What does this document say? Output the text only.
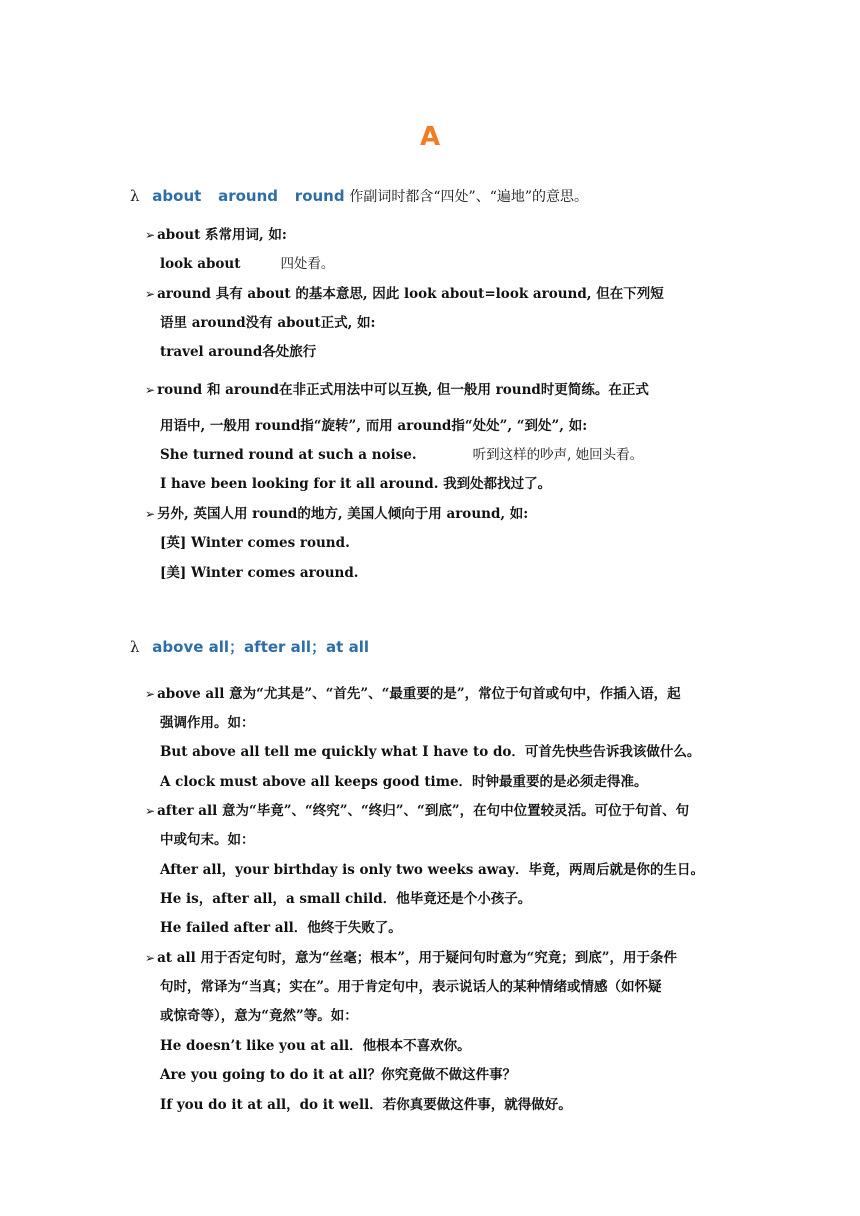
A
λ about around round 作副词时都含“四处”、“遍地”的意思。
➢ about 系常用词, 如:
look about	四处看。
➢ around 具有 about 的基本意思, 因此 look about=look around, 但在下列短
语里 around没有 about正式, 如:
travel around各处旅行
➢ round 和 around在非正式用法中可以互换, 但一般用 round时更简练。在正式
用语中, 一般用 round指“旋转”, 而用 around指“处处”, “到处”, 如:
She turned round at such a noise.	听到这样的吵声, 她回头看。
I have been looking for it all around. 我到处都找过了。
➢ 另外, 英国人用 round的地方, 美国人倾向于用 around, 如:
[英] Winter comes round.
[美] Winter comes around.
λ above all；after all；at all
➢ above all 意为“尤其是”、“首先”、“最重要的是”，常位于句首或句中，作插入语，起
强调作用。如：
But above all tell me quickly what I have to do．可首先快些告诉我该做什么。
A clock must above all keeps good time．时钟最重要的是必须走得准。
➢ after all 意为“毕竟”、“终究”、“终归”、“到底”，在句中位置较灵活。可位于句首、句
中或句末。如：
After all，your birthday is only two weeks away．毕竟，两周后就是你的生日。
He is，after all，a small child．他毕竟还是个小孩子。
He failed after all．他终于失败了。
➢ at all 用于否定句时，意为“丝毫；根本”，用于疑问句时意为“究竟；到底”，用于条件
句时，常译为“当真；实在”。用于肯定句中，表示说话人的某种情绪或情感（如怀疑
或惊奇等），意为“竟然”等。如：
He doesn’t like you at all．他根本不喜欢你。
Are you going to do it at all？你究竟做不做这件事？
If you do it at all，do it well．若你真要做这件事，就得做好。
